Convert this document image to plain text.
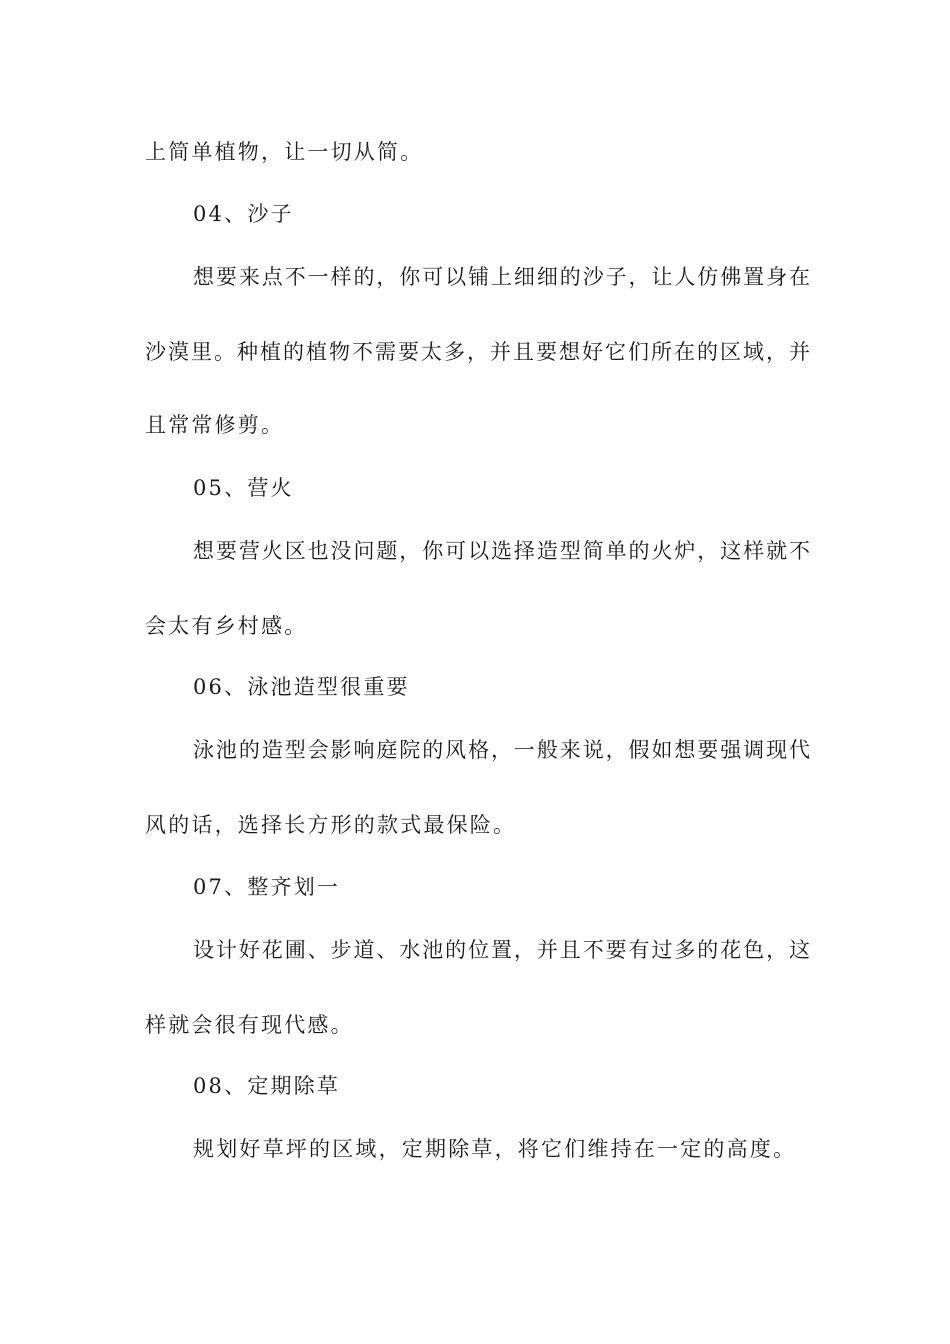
上简单植物，让一切从简。
04、沙子
想要来点不一样的，你可以铺上细细的沙子，让人仿佛置身在
沙漠里。种植的植物不需要太多，并且要想好它们所在的区域，并
且常常修剪。
05、营火
想要营火区也没问题，你可以选择造型简单的火炉，这样就不
会太有乡村感。
06、泳池造型很重要
泳池的造型会影响庭院的风格，一般来说，假如想要强调现代
风的话，选择长方形的款式最保险。
07、整齐划一
设计好花圃、步道、水池的位置，并且不要有过多的花色，这
样就会很有现代感。
08、定期除草
规划好草坪的区域，定期除草，将它们维持在一定的高度。
